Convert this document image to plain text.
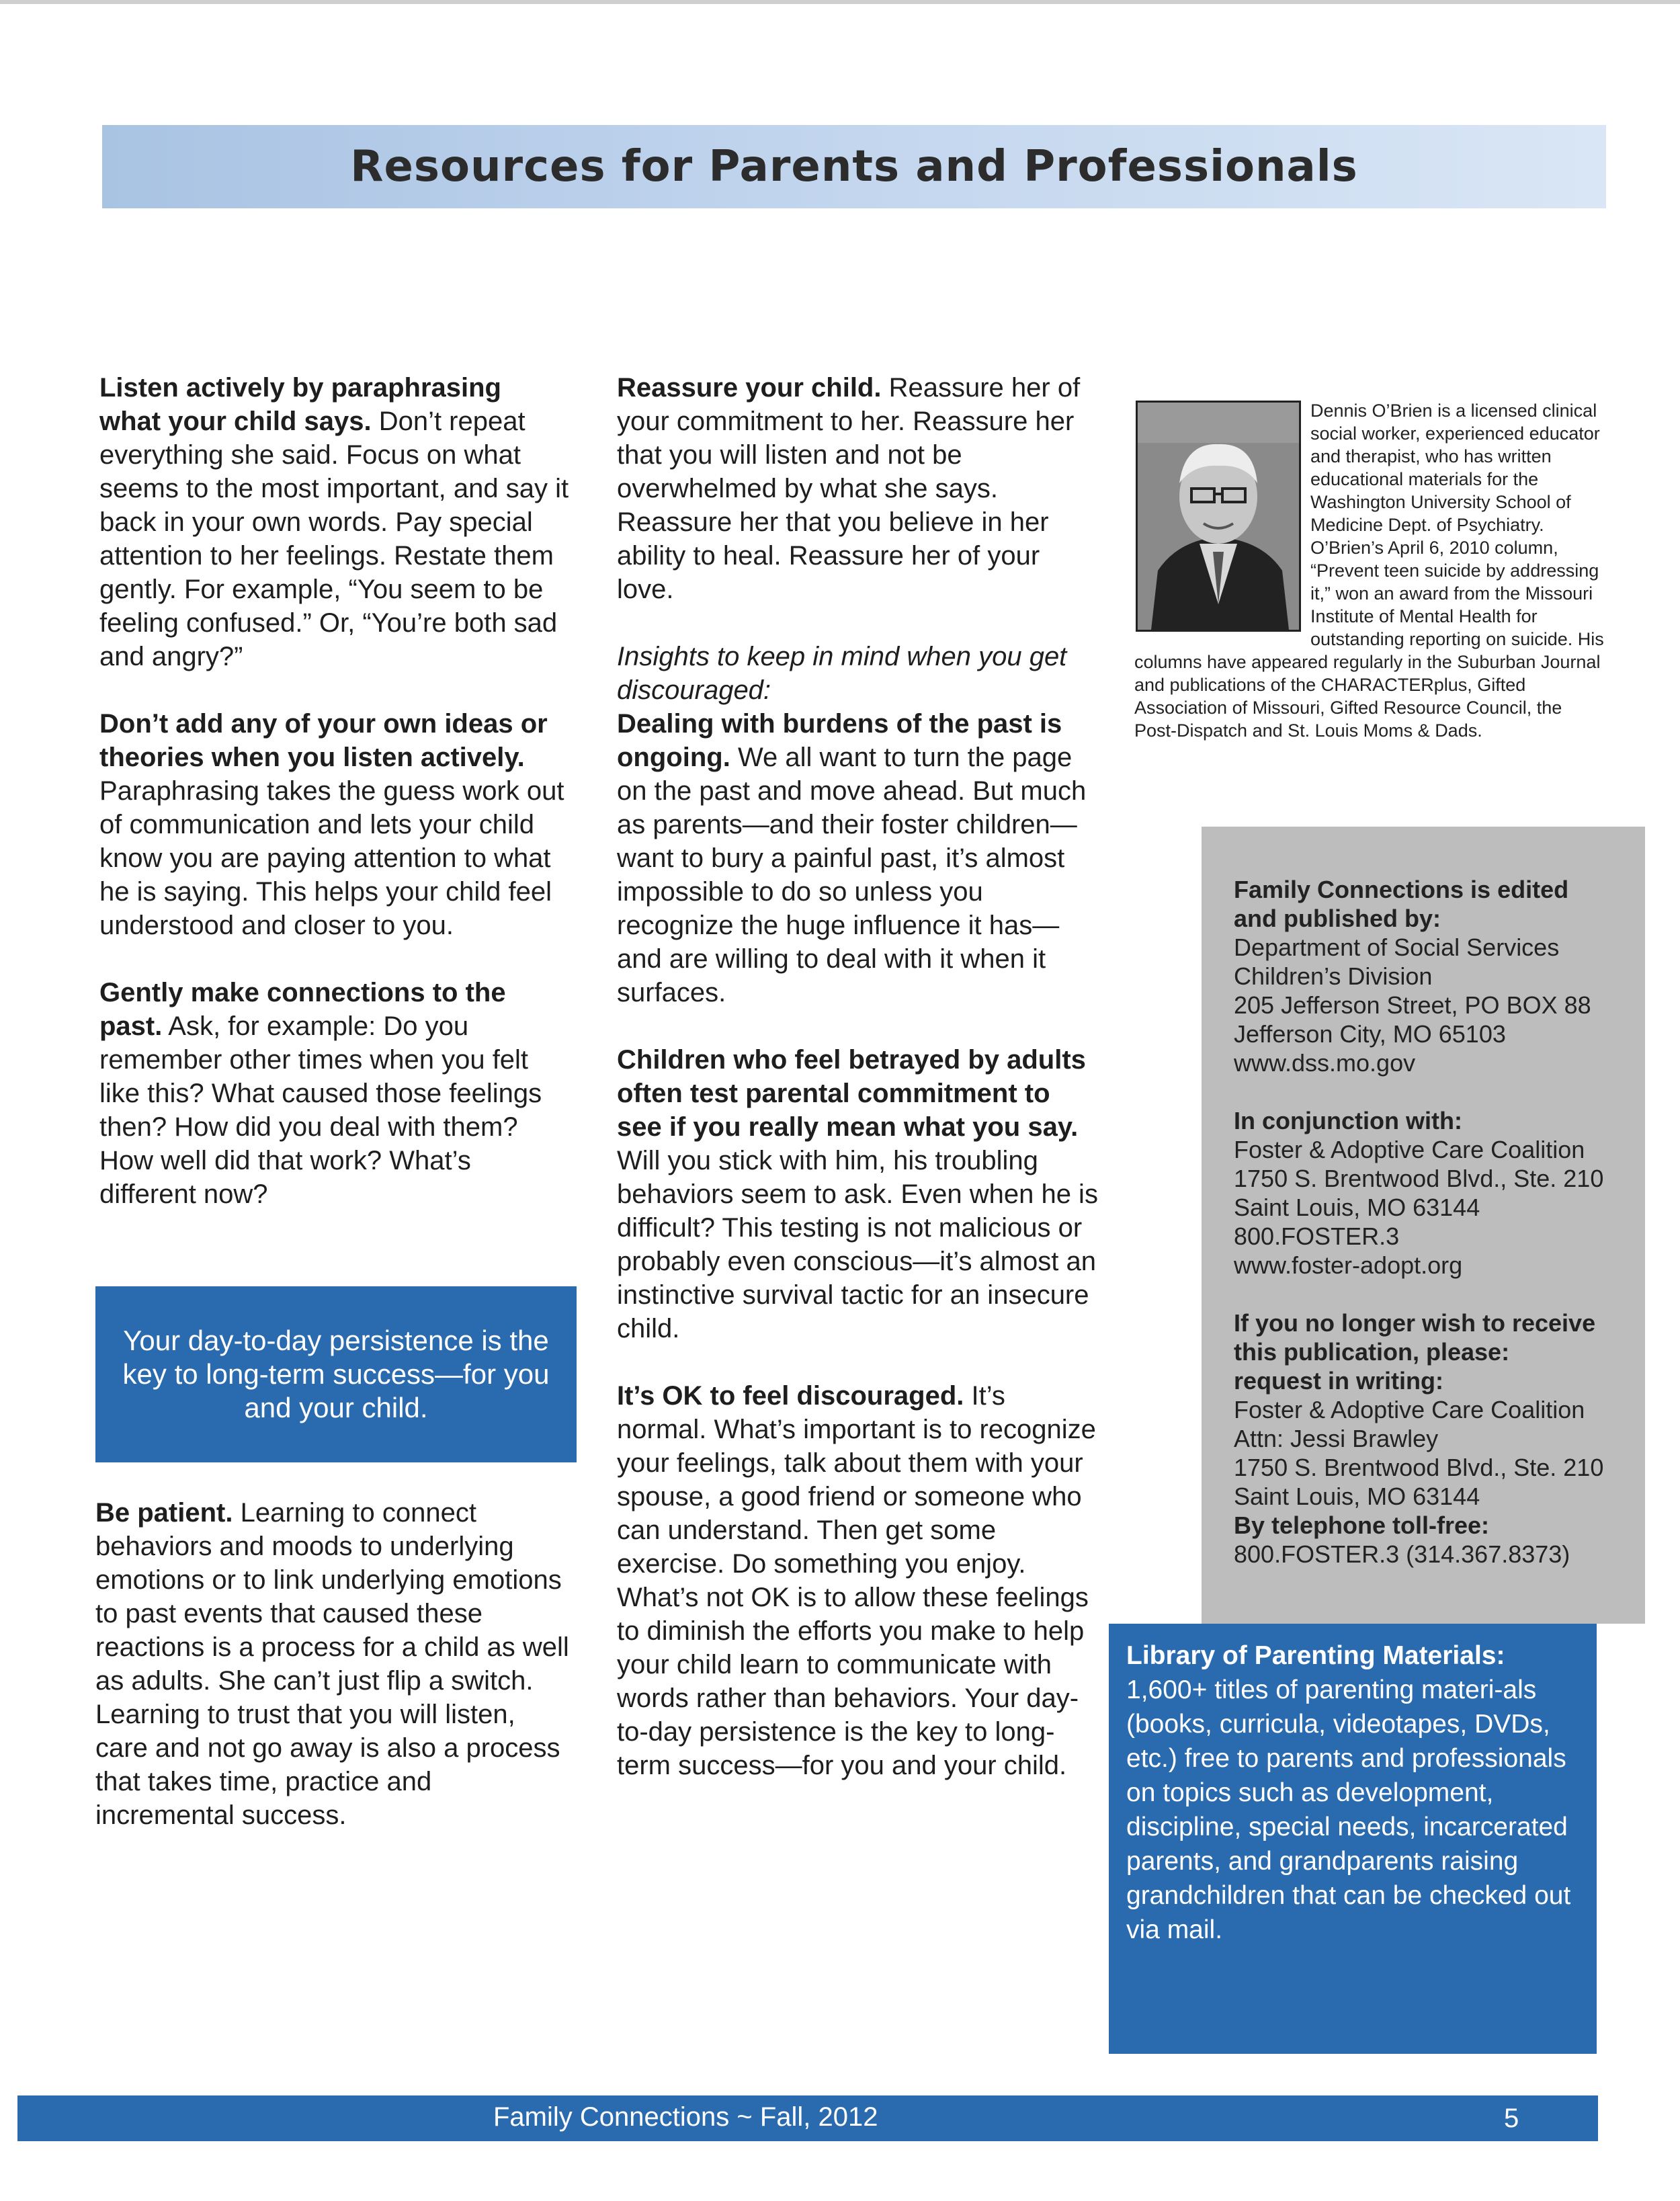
Resources for Parents and Professionals

Listen actively by paraphrasing what your child says. Don’t repeat everything she said. Focus on what seems to the most important, and say it back in your own words. Pay special attention to her feelings. Restate them gently. For example, “You seem to be feeling confused.” Or, “You’re both sad and angry?”

Don’t add any of your own ideas or theories when you listen actively. Paraphrasing takes the guess work out of communication and lets your child know you are paying attention to what he is saying. This helps your child feel understood and closer to you.

Gently make connections to the past. Ask, for example: Do you remember other times when you felt like this? What caused those feelings then? How did you deal with them? How well did that work? What’s different now?

Your day-to-day persistence is the key to long-term success—for you and your child.

Be patient. Learning to connect behaviors and moods to underlying emotions or to link underlying emotions to past events that caused these reactions is a process for a child as well as adults. She can’t just flip a switch. Learning to trust that you will listen, care and not go away is also a process that takes time, practice and incremental success.

Reassure your child. Reassure her of your commitment to her. Reassure her that you will listen and not be overwhelmed by what she says. Reassure her that you believe in her ability to heal. Reassure her of your love.

Insights to keep in mind when you get discouraged:
Dealing with burdens of the past is ongoing. We all want to turn the page on the past and move ahead. But much as parents—and their foster children—want to bury a painful past, it’s almost impossible to do so unless you recognize the huge influence it has—and are willing to deal with it when it surfaces.

Children who feel betrayed by adults often test parental commitment to see if you really mean what you say. Will you stick with him, his troubling behaviors seem to ask. Even when he is difficult? This testing is not malicious or probably even conscious—it’s almost an instinctive survival tactic for an insecure child.

It’s OK to feel discouraged. It’s normal. What’s important is to recognize your feelings, talk about them with your spouse, a good friend or someone who can understand. Then get some exercise. Do something you enjoy. What’s not OK is to allow these feelings to diminish the efforts you make to help your child learn to communicate with words rather than behaviors. Your day-to-day persistence is the key to long-term success—for you and your child.

Dennis O’Brien is a licensed clinical social worker, experienced educator and therapist, who has written educational materials for the Washington University School of Medicine Dept. of Psychiatry. O’Brien’s April 6, 2010 column, “Prevent teen suicide by addressing it,” won an award from the Missouri Institute of Mental Health for outstanding reporting on suicide. His columns have appeared regularly in the Suburban Journal and publications of the CHARACTERplus, Gifted Association of Missouri, Gifted Resource Council, the Post-Dispatch and St. Louis Moms & Dads.
Family Connections is edited and published by:
Department of Social Services
Children’s Division
205 Jefferson Street, PO BOX 88
Jefferson City, MO 65103
www.dss.mo.gov
In conjunction with:
Foster & Adoptive Care Coalition
1750 S. Brentwood Blvd., Ste. 210
Saint Louis, MO 63144
800.FOSTER.3
www.foster-adopt.org
If you no longer wish to receive this publication, please:
request in writing:
Foster & Adoptive Care Coalition
Attn: Jessi Brawley
1750 S. Brentwood Blvd., Ste. 210
Saint Louis, MO 63144
By telephone toll-free:
800.FOSTER.3 (314.367.8373)
Library of Parenting Materials:
1,600+ titles of parenting materi-als (books, curricula, videotapes, DVDs, etc.) free to parents and professionals on topics such as development, discipline, special needs, incarcerated parents, and grandparents raising grandchildren that can be checked out via mail.
Family Connections ~ Fall, 2012	5
